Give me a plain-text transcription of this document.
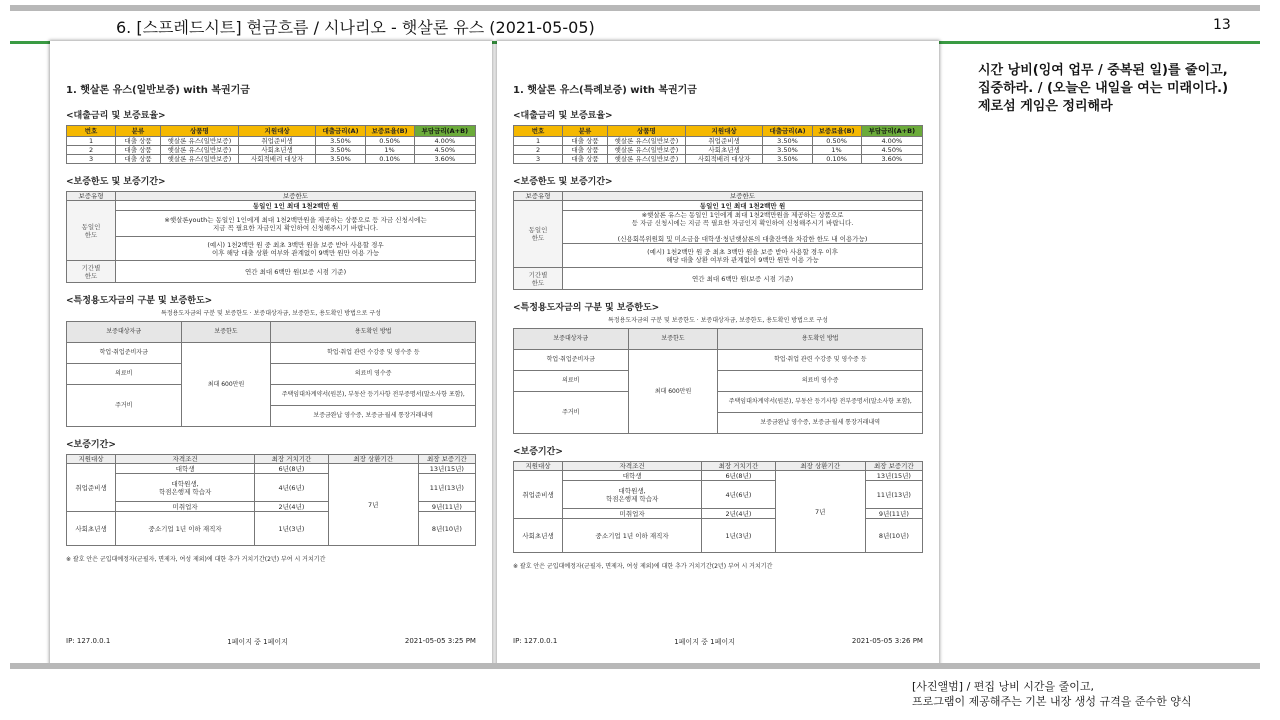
6. [스프레드시트] 현금흐름 / 시나리오 - 햇살론 유스 (2021-05-05)	13
1. 햇살론 유스(일반보증) with 복권기금
<대출금리 및 보증료율>
번호	분류	상품명	지원대상	대출금리(A)	보증료율(B)	부담금리(A+B)
1	대출 상품	햇살론 유스(일반보증)	취업준비생	3.50%	0.50%	4.00%
2	대출 상품	햇살론 유스(일반보증)	사회초년생	3.50%	1%	4.50%
3	대출 상품	햇살론 유스(일반보증)	사회적배려 대상자	3.50%	0.10%	3.60%
<보증한도 및 보증기간>
보증유형	보증한도
동일인
한도	동일인 1인 최대 1천2백만 원
	※햇살론youth는 동일인 1인에게 최대 1천2백만원을 제공하는 상품으로 등 자금 신청시에는
지금 꼭 필요한 자금인지 확인하여 신청해주시기 바랍니다.
	(예시) 1천2백만 원 중 최초 3백만 원을 보증 받아 사용할 경우
이후 해당 대출 상환 여부와 관계없이 9백만 원만 이용 가능
기간별
한도	연간 최대 6백만 원(보증 시점 기준)
<특정용도자금의 구분 및 보증한도>
특정용도자금의 구분 및 보증한도 · 보증대상자금, 보증한도, 용도확인 방법으로 구성
보증대상자금	보증한도	용도확인 방법
학업·취업준비자금	최대 600만원	학업·취업 관련 수강증 및 영수증 등
의료비		의료비 영수증
주거비		주택임대차계약서(원본), 부동산 등기사항 전부증명서(말소사항 포함),
		보증금완납 영수증, 보증금·월세 통장거래내역
<보증기간>
지원대상	자격조건	최장 거치기간	최장 상환기간	최장 보증기간
취업준비생	대학생	6년(8년)	7년	13년(15년)
	대학원생,
학점은행제 학습자	4년(6년)		11년(13년)
	미취업자	2년(4년)		9년(11년)
사회초년생	중소기업 1년 이하 재직자	1년(3년)		8년(10년)
※ 괄호 안은 군입대예정자(군필자, 면제자, 여성 제외)에 대한 추가 거치기간(2년) 부여 시 거치기간
IP: 127.0.0.1	1페이지 중 1페이지	2021-05-05 3:25 PM
1. 햇살론 유스(특례보증) with 복권기금
<대출금리 및 보증료율>
번호	분류	상품명	지원대상	대출금리(A)	보증료율(B)	부담금리(A+B)
1	대출 상품	햇살론 유스(일반보증)	취업준비생	3.50%	0.50%	4.00%
2	대출 상품	햇살론 유스(일반보증)	사회초년생	3.50%	1%	4.50%
3	대출 상품	햇살론 유스(일반보증)	사회적배려 대상자	3.50%	0.10%	3.60%
<보증한도 및 보증기간>
보증유형	보증한도
동일인
한도	동일인 1인 최대 1천2백만 원
	※햇살론 유스는 동일인 1인에게 최대 1천2백만원을 제공하는 상품으로
등 자금 신청시에는 지금 꼭 필요한 자금인지 확인하여 신청해주시기 바랍니다.

(신용회복위원회 및 미소금융 대학생·청년햇살론의 대출잔액을 차감한 한도 내 이용가능)
	(예시) 1천2백만 원 중 최초 3백만 원을 보증 받아 사용할 경우 이후
해당 대출 상환 여부와 관계없이 9백만 원만 이용 가능
기간별
한도	연간 최대 6백만 원(보증 시점 기준)
<특정용도자금의 구분 및 보증한도>
특정용도자금의 구분 및 보증한도 · 보증대상자금, 보증한도, 용도확인 방법으로 구성
보증대상자금	보증한도	용도확인 방법
학업·취업준비자금	최대 600만원	학업·취업 관련 수강증 및 영수증 등
의료비		의료비 영수증
주거비		주택임대차계약서(원본), 부동산 등기사항 전부증명서(말소사항 포함),
		보증금완납 영수증, 보증금·월세 통장거래내역
<보증기간>
지원대상	자격조건	최장 거치기간	최장 상환기간	최장 보증기간
취업준비생	대학생	6년(8년)	7년	13년(15년)
	대학원생,
학점은행제 학습자	4년(6년)		11년(13년)
	미취업자	2년(4년)		9년(11년)
사회초년생	중소기업 1년 이하 재직자	1년(3년)		8년(10년)
※ 괄호 안은 군입대예정자(군필자, 면제자, 여성 제외)에 대한 추가 거치기간(2년) 부여 시 거치기간
IP: 127.0.0.1	1페이지 중 1페이지	2021-05-05 3:26 PM
시간 낭비(잉여 업무 / 중복된 일)를 줄이고,
집중하라. / (오늘은 내일을 여는 미래이다.)
제로섬 게임은 정리해라
[사진앨범] / 편집 낭비 시간을 줄이고,
프로그램이 제공해주는 기본 내장 생성 규격을 준수한 양식
